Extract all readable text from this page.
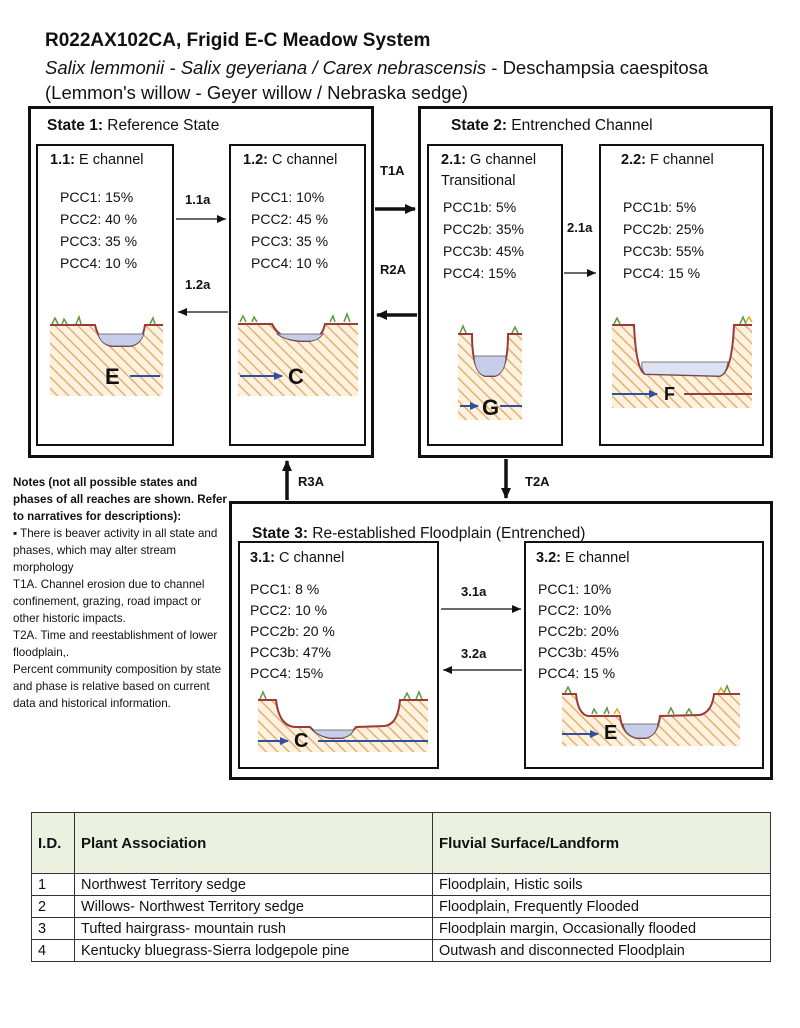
R022AX102CA, Frigid E-C Meadow System
Salix lemmonii - Salix geyeriana / Carex nebrascensis - Deschampsia caespitosa
(Lemmon's willow - Geyer willow / Nebraska sedge)
State 1: Reference State
1.1: E channel
PCC1: 15%
PCC2: 40 %
PCC3: 35 %
PCC4: 10 %
1.2: C channel
PCC1: 10%
PCC2: 45 %
PCC3: 35 %
PCC4: 10 %
State 2: Entrenched Channel
2.1: G channel
Transitional
PCC1b: 5%
PCC2b: 35%
PCC3b: 45%
PCC4: 15%
2.2: F channel
PCC1b: 5%
PCC2b: 25%
PCC3b: 55%
PCC4: 15 %
State 3: Re-established Floodplain (Entrenched)
3.1: C channel
PCC1: 8 %
PCC2: 10 %
PCC2b: 20 %
PCC3b: 47%
PCC4: 15%
3.2: E channel
PCC1: 10%
PCC2: 10%
PCC2b: 20%
PCC3b: 45%
PCC4: 15 %
E	C
G
F
C	E
1.1a
1.2a
2.1a
3.1a
3.2a
T1A
R2A
R3A	T2A
Notes (not all possible states and phases of all reaches are shown. Refer to narratives for descriptions):
▪ There is beaver activity in all state and phases, which may alter stream morphology
T1A. Channel erosion due to channel confinement, grazing, road impact or other historic impacts.
T2A. Time and reestablishment of lower floodplain,.
Percent community composition by state and phase is relative based on current data and historical information.
I.D.	Plant Association	Fluvial Surface/Landform
1	Northwest Territory sedge	Floodplain, Histic soils
2	Willows- Northwest Territory sedge	Floodplain, Frequently Flooded
3	Tufted hairgrass- mountain rush	Floodplain margin, Occasionally flooded
4	Kentucky bluegrass-Sierra lodgepole pine	Outwash and disconnected Floodplain
